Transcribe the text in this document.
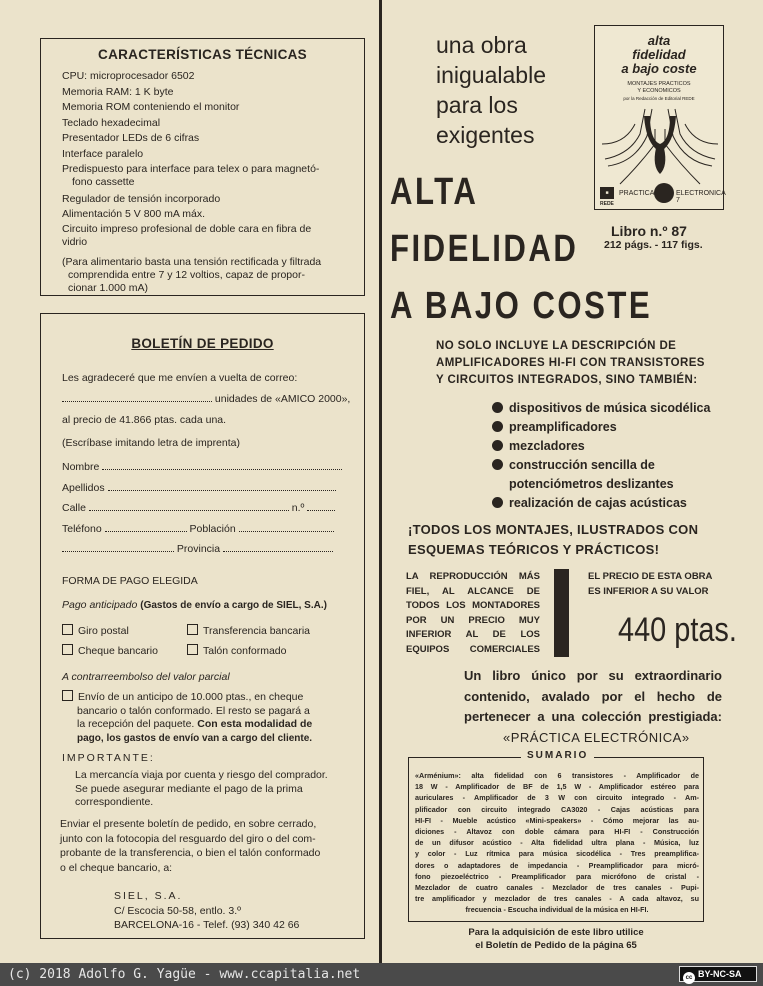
CARACTERÍSTICAS TÉCNICAS
CPU: microprocesador 6502
Memoria RAM: 1 K byte
Memoria ROM conteniendo el monitor
Teclado hexadecimal
Presentador LEDs de 6 cifras
Interface paralelo
Predispuesto para interface para telex o para magnetó-
fono cassette
Regulador de tensión incorporado
Alimentación 5 V 800 mA máx.
Circuito impreso profesional de doble cara en fibra de
vidrio
(Para alimentario basta una tensión rectificada y filtrada
comprendida entre 7 y 12 voltios, capaz de propor-
cionar 1.000 mA)
BOLETÍN DE PEDIDO
Les agradeceré que me envíen a vuelta de correo:
unidades de «AMICO 2000»,
al precio de 41.866 ptas. cada una.
(Escríbase imitando letra de imprenta)
Nombre
Apellidos
Calle	n.º
Teléfono	Población
Provincia
FORMA DE PAGO ELEGIDA
Pago anticipado (Gastos de envío a cargo de SIEL, S.A.)
Giro postal	Transferencia bancaria
Cheque bancario	Talón conformado
A contrarreembolso del valor parcial
Envío de un anticipo de 10.000 ptas., en cheque
bancario o talón conformado. El resto se pagará a
la recepción del paquete. Con esta modalidad de
pago, los gastos de envío van a cargo del cliente.
IMPORTANTE:
La mercancía viaja por cuenta y riesgo del comprador.
Se puede asegurar mediante el pago de la prima
correspondiente.
Enviar el presente boletín de pedido, en sobre cerrado,
junto con la fotocopia del resguardo del giro o del com-
probante de la transferencia, o bien el talón conformado
o el cheque bancario, a:
SIEL, S.A.
C/ Escocia 50-58, entlo. 3.º
BARCELONA-16 - Telef. (93) 340 42 66
una obra
inigualable
para los
exigentes
alta
fidelidad
a bajo coste
MONTAJES PRACTICOS
Y ECONOMICOS
por la Redacción de Editorial REDE
■
REDE
PRACTICA	ELECTRONICA 7
Libro n.º 87
212 págs. - 117 figs.
ALTA
FIDELIDAD
A BAJO COSTE
NO SOLO INCLUYE LA DESCRIPCIÓN DE
AMPLIFICADORES HI-FI CON TRANSISTORES
Y CIRCUITOS INTEGRADOS, SINO TAMBIÉN:
dispositivos de música sicodélica
preamplificadores
mezcladores
construcción sencilla de
potenciómetros deslizantes
realización de cajas acústicas
¡TODOS LOS MONTAJES, ILUSTRADOS CON
ESQUEMAS TEÓRICOS Y PRÁCTICOS!
LA REPRODUCCIÓN MÁS
FIEL, AL ALCANCE DE
TODOS LOS MONTADORES
POR UN PRECIO MUY
INFERIOR AL DE LOS
EQUIPOS COMERCIALES
EL PRECIO DE ESTA OBRA
ES INFERIOR A SU VALOR
440 ptas.
Un libro único por su extraordinario
contenido, avalado por el hecho de
pertenecer a una colección prestigiada:
«PRÁCTICA ELECTRÓNICA»
SUMARIO
«Arménium»: alta fidelidad con 6 transistores - Amplificador de
18 W - Amplificador de BF de 1,5 W - Amplificador estéreo para
auriculares - Amplificador de 3 W con circuito integrado - Am-
plificador con circuito integrado CA3020 - Cajas acústicas para
HI-FI - Mueble acústico «Mini-speakers» - Cómo mejorar las au-
diciones - Altavoz con doble cámara para HI-FI - Construcción
de un difusor acústico - Alta fidelidad ultra plana - Música, luz
y color - Luz rítmica para música sicodélica - Tres preamplifica-
dores o adaptadores de impedancia - Preamplificador para micró-
fono piezoeléctrico - Preamplificador para micrófono de cristal -
Mezclador de cuatro canales - Mezclador de tres canales - Pupi-
tre amplificador y mezclador de tres canales - A cada altavoz, su
frecuencia - Escucha individual de la música en HI-FI.
Para la adquisición de este libro utilice
el Boletín de Pedido de la página 65
(c) 2018 Adolfo G. Yagüe - www.ccapitalia.net	cc BY-NC-SA
